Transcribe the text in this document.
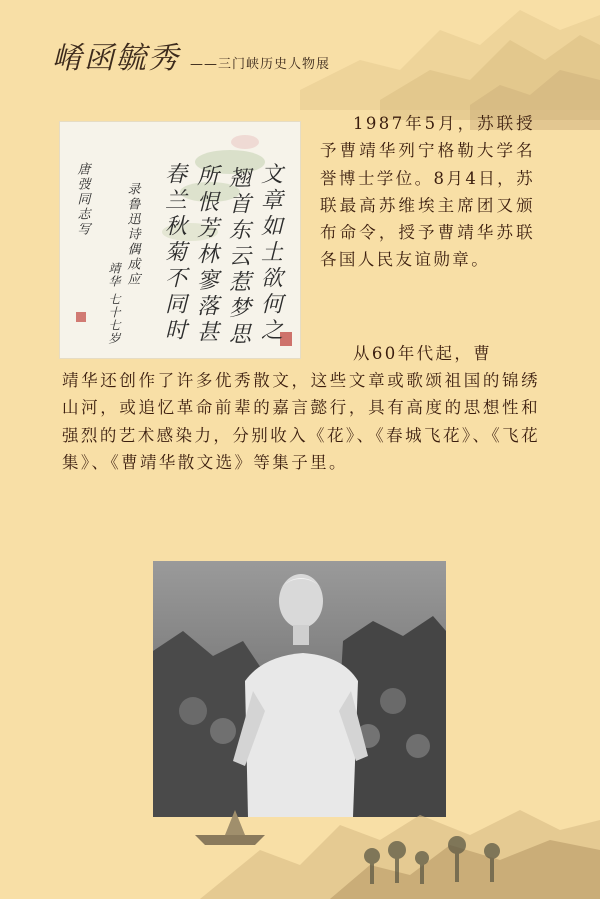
崤函毓秀 ——三门峡历史人物展
文章如土欲何之
翘首东云惹梦思
所恨芳林寥落甚
春兰秋菊不同时
唐弢同志写	录鲁迅诗偶成应
靖华 七十七岁
1987年5月，苏联授予曹靖华列宁格勒大学名誉博士学位。8月4日，苏联最高苏维埃主席团又颁布命令，授予曹靖华苏联各国人民友谊勋章。
从60年代起，曹
靖华还创作了许多优秀散文，这些文章或歌颂祖国的锦绣山河，或追忆革命前辈的嘉言懿行，具有高度的思想性和强烈的艺术感染力，分别收入《花》、《春城飞花》、《飞花集》、《曹靖华散文选》等集子里。
